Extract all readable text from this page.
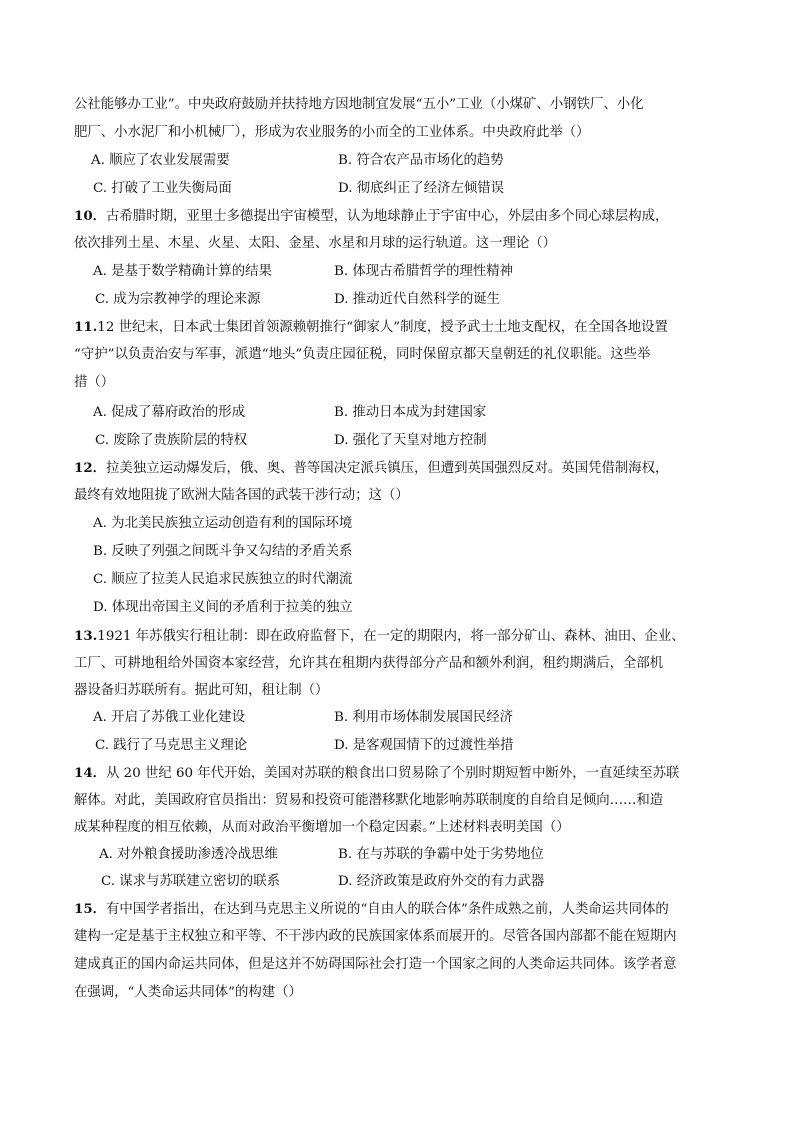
公社能够办工业”。中央政府鼓励并扶持地方因地制宜发展“五小”工业（小煤矿、小钢铁厂、小化
肥厂、小水泥厂和小机械厂），形成为农业服务的小而全的工业体系。中央政府此举（）
A. 顺应了农业发展需要	B. 符合农产品市场化的趋势
C. 打破了工业失衡局面	D. 彻底纠正了经济左倾错误
10．古希腊时期，亚里士多德提出宇宙模型，认为地球静止于宇宙中心，外层由多个同心球层构成，
依次排列土星、木星、火星、太阳、金星、水星和月球的运行轨道。这一理论（）
A. 是基于数学精确计算的结果	B. 体现古希腊哲学的理性精神
C. 成为宗教神学的理论来源	D. 推动近代自然科学的诞生
11.12 世纪末，日本武士集团首领源赖朝推行“御家人”制度，授予武士土地支配权，在全国各地设置
“守护”以负责治安与军事，派遣“地头”负责庄园征税，同时保留京都天皇朝廷的礼仪职能。这些举
措（）
A. 促成了幕府政治的形成	B. 推动日本成为封建国家
C. 废除了贵族阶层的特权	D. 强化了天皇对地方控制
12．拉美独立运动爆发后，俄、奥、普等国决定派兵镇压，但遭到英国强烈反对。英国凭借制海权，
最终有效地阻拢了欧洲大陆各国的武装干涉行动；这（）
A. 为北美民族独立运动创造有利的国际环境
B. 反映了列强之间既斗争又勾结的矛盾关系
C. 顺应了拉美人民追求民族独立的时代潮流
D. 体现出帝国主义间的矛盾利于拉美的独立
13.1921 年苏俄实行租让制：即在政府监督下，在一定的期限内，将一部分矿山、森林、油田、企业、
工厂、可耕地租给外国资本家经营，允许其在租期内获得部分产品和额外利润，租约期满后，全部机
器设备归苏联所有。据此可知，租让制（）
A. 开启了苏俄工业化建设	B. 利用市场体制发展国民经济
C. 践行了马克思主义理论	D. 是客观国情下的过渡性举措
14．从 20 世纪 60 年代开始，美国对苏联的粮食出口贸易除了个别时期短暂中断外，一直延续至苏联
解体。对此，美国政府官员指出：贸易和投资可能潜移默化地影响苏联制度的自给自足倾向……和造
成某种程度的相互依赖，从而对政治平衡增加一个稳定因素。”上述材料表明美国（）
A. 对外粮食援助渗透冷战思维	B. 在与苏联的争霸中处于劣势地位
C. 谋求与苏联建立密切的联系	D. 经济政策是政府外交的有力武器
15．有中国学者指出，在达到马克思主义所说的“自由人的联合体”条件成熟之前，人类命运共同体的
建构一定是基于主权独立和平等、不干涉内政的民族国家体系而展开的。尽管各国内部都不能在短期内
建成真正的国内命运共同体，但是这并不妨碍国际社会打造一个国家之间的人类命运共同体。该学者意
在强调，“人类命运共同体”的构建（）
